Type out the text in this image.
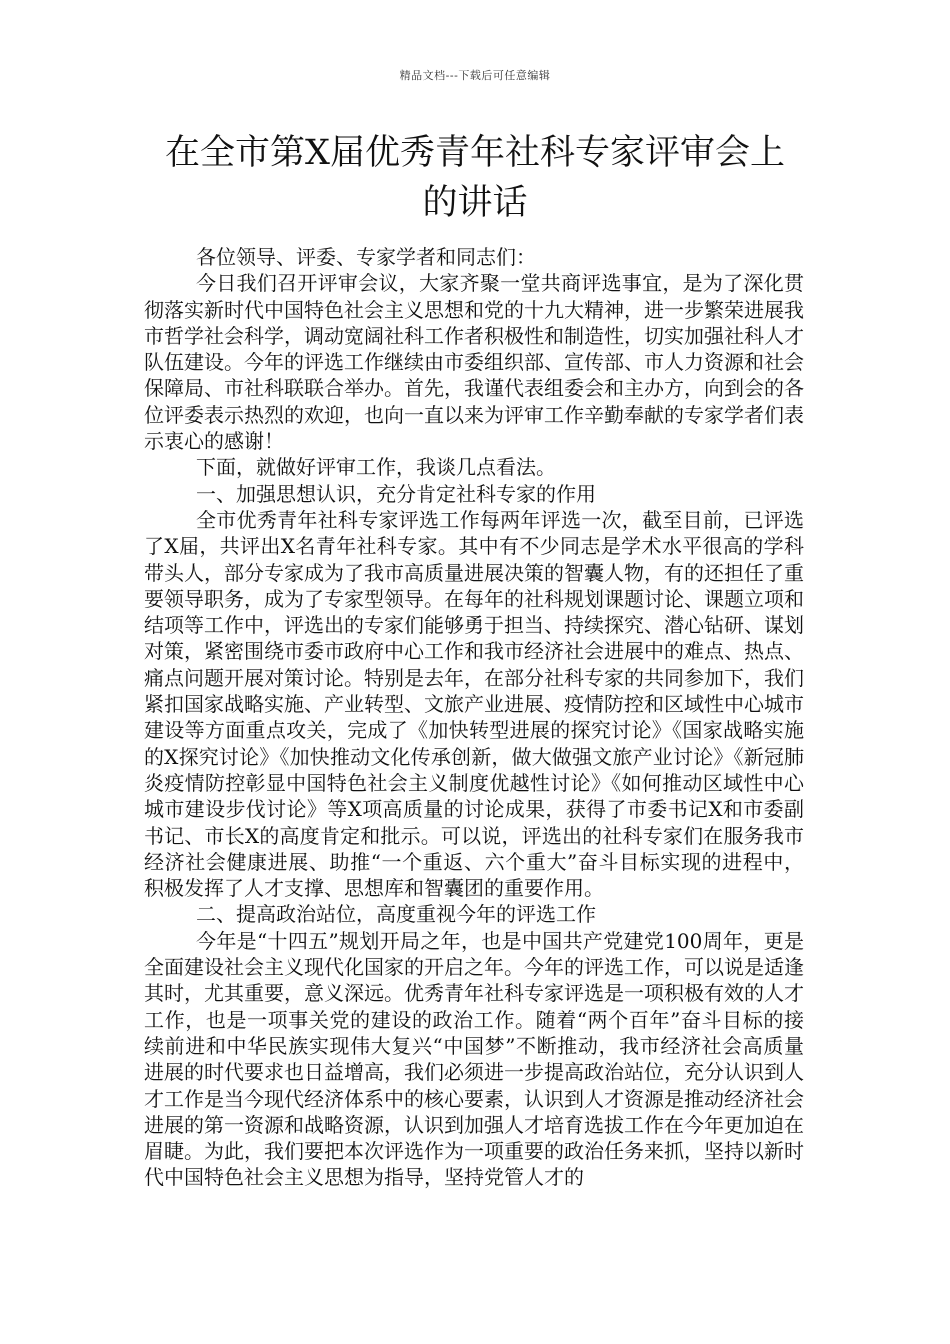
精品文档---下载后可任意编辑
在全市第X届优秀青年社科专家评审会上的讲话

各位领导、评委、专家学者和同志们：

今日我们召开评审会议，大家齐聚一堂共商评选事宜，是为了深化贯彻落实新时代中国特色社会主义思想和党的十九大精神，进一步繁荣进展我市哲学社会科学，调动宽阔社科工作者积极性和制造性，切实加强社科人才队伍建设。今年的评选工作继续由市委组织部、宣传部、市人力资源和社会保障局、市社科联联合举办。首先，我谨代表组委会和主办方，向到会的各位评委表示热烈的欢迎，也向一直以来为评审工作辛勤奉献的专家学者们表示衷心的感谢！

下面，就做好评审工作，我谈几点看法。

一、加强思想认识，充分肯定社科专家的作用

全市优秀青年社科专家评选工作每两年评选一次，截至目前，已评选了X届，共评出X名青年社科专家。其中有不少同志是学术水平很高的学科带头人，部分专家成为了我市高质量进展决策的智囊人物，有的还担任了重要领导职务，成为了专家型领导。在每年的社科规划课题讨论、课题立项和结项等工作中，评选出的专家们能够勇于担当、持续探究、潜心钻研、谋划对策，紧密围绕市委市政府中心工作和我市经济社会进展中的难点、热点、痛点问题开展对策讨论。特别是去年，在部分社科专家的共同参加下，我们紧扣国家战略实施、产业转型、文旅产业进展、疫情防控和区域性中心城市建设等方面重点攻关，完成了《加快转型进展的探究讨论》《国家战略实施的X探究讨论》《加快推动文化传承创新，做大做强文旅产业讨论》《新冠肺炎疫情防控彰显中国特色社会主义制度优越性讨论》《如何推动区域性中心城市建设步伐讨论》等X项高质量的讨论成果，获得了市委书记X和市委副书记、市长X的高度肯定和批示。可以说，评选出的社科专家们在服务我市经济社会健康进展、助推“一个重返、六个重大”奋斗目标实现的进程中，积极发挥了人才支撑、思想库和智囊团的重要作用。

二、提高政治站位，高度重视今年的评选工作

今年是“十四五”规划开局之年，也是中国共产党建党100周年，更是全面建设社会主义现代化国家的开启之年。今年的评选工作，可以说是适逢其时，尤其重要，意义深远。优秀青年社科专家评选是一项积极有效的人才工作，也是一项事关党的建设的政治工作。随着“两个百年”奋斗目标的接续前进和中华民族实现伟大复兴“中国梦”不断推动，我市经济社会高质量进展的时代要求也日益增高，我们必须进一步提高政治站位，充分认识到人才工作是当今现代经济体系中的核心要素，认识到人才资源是推动经济社会进展的第一资源和战略资源，认识到加强人才培育选拔工作在今年更加迫在眉睫。为此，我们要把本次评选作为一项重要的政治任务来抓，坚持以新时代中国特色社会主义思想为指导，坚持党管人才的
